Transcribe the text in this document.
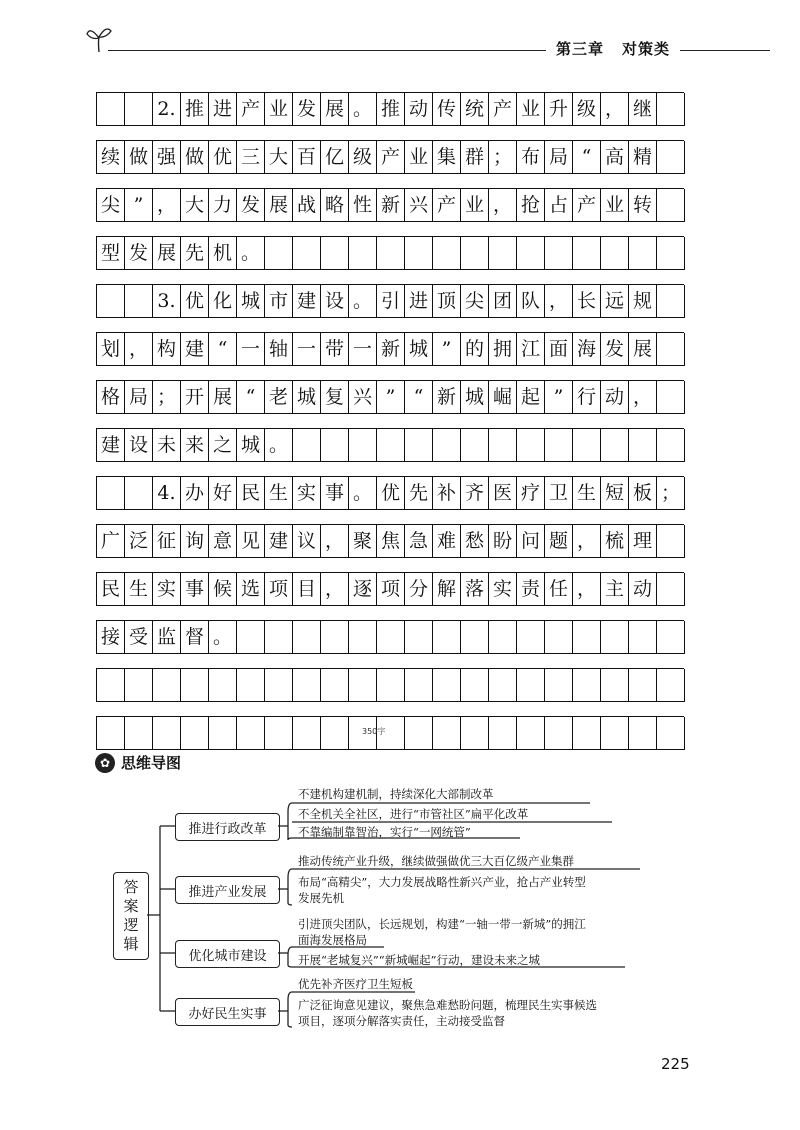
第三章 对策类
2. 推 进 产 业 发 展 。 推 动 传 统 产 业 升 级 ， 继
续 做 强 做 优 三 大 百 亿 级 产 业 集 群 ； 布 局 “ 高 精
尖 ” ， 大 力 发 展 战 略 性 新 兴 产 业 ， 抢 占 产 业 转
型 发 展 先 机 。
3. 优 化 城 市 建 设 。 引 进 顶 尖 团 队 ， 长 远 规
划 ， 构 建 “ 一 轴 一 带 一 新 城 ” 的 拥 江 面 海 发 展
格 局 ； 开 展 “ 老 城 复 兴 ” “ 新 城 崛 起 ” 行 动 ，
建 设 未 来 之 城 。
4. 办 好 民 生 实 事 。 优 先 补 齐 医 疗 卫 生 短 板 ；
广 泛 征 询 意 见 建 议 ， 聚 焦 急 难 愁 盼 问 题 ， 梳 理
民 生 实 事 候 选 项 目 ， 逐 项 分 解 落 实 责 任 ， 主 动
接 受 监 督 。
350字
✿ 思维导图
答
案
逻
辑
推进行政改革
推进产业发展
优化城市建设
办好民生实事
不建机构建机制，持续深化大部制改革
不全机关全社区，进行“市管社区”扁平化改革
不靠编制靠智治，实行“一网统管”
推动传统产业升级，继续做强做优三大百亿级产业集群
布局“高精尖”，大力发展战略性新兴产业，抢占产业转型
发展先机
引进顶尖团队，长远规划，构建“一轴一带一新城”的拥江
面海发展格局
开展“老城复兴”“新城崛起”行动，建设未来之城
优先补齐医疗卫生短板
广泛征询意见建议，聚焦急难愁盼问题，梳理民生实事候选
项目，逐项分解落实责任，主动接受监督
225
